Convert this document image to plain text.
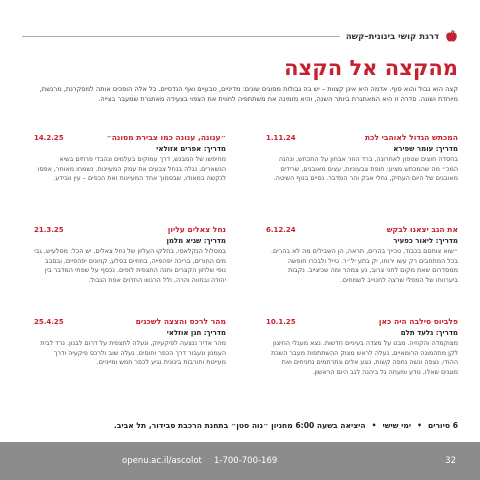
דרגת קושי בינונית–קשה
מהקצה אל הקצה

קצה הוא גבול והוא סוף. אדמה היא אינן קצוות – יש בה גבולות מסוגים שונים: מדיניים, טבעיים ואף הנדסיים. כל אלה הופכים אותה למסקרנת, מרגשת, מיוחדת ושונה. סדרה זו היא המאתגרת ביותר השנה, והיא מזמינה את משתתפיה לחווית את הצפוי בצעידה מאתגרת שמעבר בצייה.

1.11.24	המכתש הגדול לאוהבי לכת
מדריך: עומר שפירא
בחסדה חוצים שטפון לאחרונה, ברד הוזר אבחון על התכחש, ונהנה המכ״ מה שהמכתש מציע: חופת צבעוניות, עצים מאובנים, שרידים מאובנים של היום העתיק, נחלי אבק והר המדבר. נסיים בנוף השיטה.
6.12.24	את הגב יצאנו לבקש
מדריך: ליאור כפעיר
״שוא צותסם בכבוד, טכייך בהרים, תראה, הן השבילים מה לא בהרים. בכל המתחבים רק עשו ירוחו, יק בתע יל״ר. טייל ולבכרו חופשה ממסדרום שאת מקום לחני צרוב, נע צמהר ומה שכיצייב. נקבות ביערווחו של המפלי שרצה לחנוייב לשמחים.
10.1.25	פלביוס סילבה היה כאן
מדריך: גלעד תלם
מצוקמדה והקוזיה. מבט על מצדה בעיניים חדשות. נצא מעגלי החיצון לקן מתהמונה הרומאיים, נעלה לראש מצוק ההשתתפות מעבר השכת ההודי, נצפה ונשה נחפה קשות, נוגע אלים ונתרחמים נחניחים ואת מוגנים שאלו, נודע ומעתה גל ביהנה לגב היום הראשון.
14.2.25	״ענונה, ענונה כמו צבירת מסונה״
מדריך: אפרים אזולאי
מחיפשו של המבנש, דרך עמוקים בעלמים ונהבדי פרתים בשיא הנשארים, נגלה בנחל צבעים את עמק המעיינות. נשמחו מאוחר, אפסו לנקשה במאודו, שבסמוך אחד המעיינות ואת הכפים – עין וובידע.
21.3.25	נחל צאלים עליון
מדריך: שגיא מלמן
במסלול הנקלאסי, בחלקו העליון של נחל צאלים, יש הכל: מסלעיש, גבי מים החורים, בריכה יפהפייה, בוזוזיים בסלע, קניונים יפהפיים, ובסבב נופי שלחון הקצרים וחנה התצפית לופים. נכסף על שפתי המדבר בין יהודה ובחווה והרה, ולל הרגשו החדוים אפת הגבול.
25.4.25	מהר לרכס והצצה לשכנים
מדריך: חגן אוזלאי
מהר אדיר ננצעה לפיקעיוק, ונעלה לתצפית על דרום לבנון. נרד לבית העמנון ונעבור דרך הכפר וחוסים. נעלה שוב ולרכס פיקעיה ודרך מעיינות וחורבות בינונית נגיע לכפר חמש ומייניים.
6 סיורים
•
ימי שישי
•
היציאה בשעה 6:00 מחניון ״נוה סטן״ בתחנת הרכבת סבידור, תל אביב.
32
1-700-700-169
openu.ac.il/ascolot
